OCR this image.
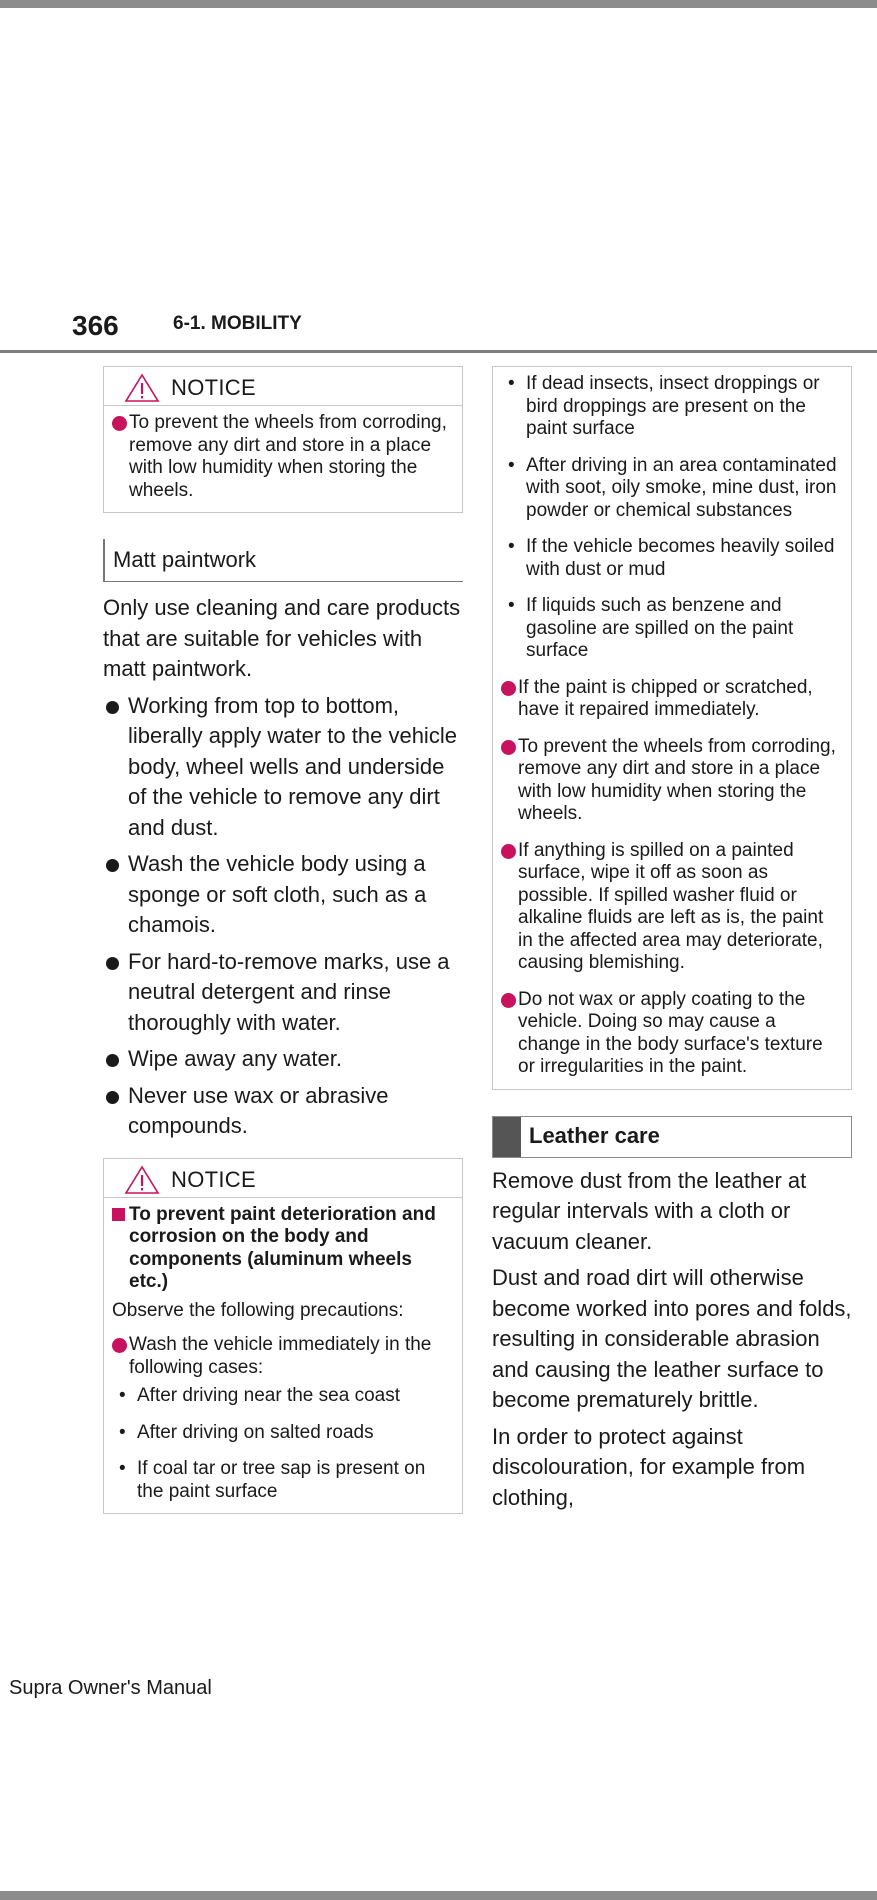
366	6-1. MOBILITY
NOTICE
To prevent the wheels from corroding, remove any dirt and store in a place with low humidity when storing the wheels.
Matt paintwork

Only use cleaning and care products that are suitable for vehicles with matt paintwork.

Working from top to bottom, liberally apply water to the vehicle body, wheel wells and underside of the vehicle to remove any dirt and dust.
Wash the vehicle body using a sponge or soft cloth, such as a chamois.
For hard-to-remove marks, use a neutral detergent and rinse thoroughly with water.
Wipe away any water.
Never use wax or abrasive compounds.
NOTICE
To prevent paint deterioration and corrosion on the body and components (aluminum wheels etc.)
Observe the following precautions:
Wash the vehicle immediately in the following cases:
• After driving near the sea coast
• After driving on salted roads
• If coal tar or tree sap is present on the paint surface
• If dead insects, insect droppings or bird droppings are present on the paint surface
• After driving in an area contaminated with soot, oily smoke, mine dust, iron powder or chemical substances
• If the vehicle becomes heavily soiled with dust or mud
• If liquids such as benzene and gasoline are spilled on the paint surface
If the paint is chipped or scratched, have it repaired immediately.
To prevent the wheels from corroding, remove any dirt and store in a place with low humidity when storing the wheels.
If anything is spilled on a painted surface, wipe it off as soon as possible. If spilled washer fluid or alkaline fluids are left as is, the paint in the affected area may deteriorate, causing blemishing.
Do not wax or apply coating to the vehicle. Doing so may cause a change in the body surface's texture or irregularities in the paint.
Leather care

Remove dust from the leather at regular intervals with a cloth or vacuum cleaner.

Dust and road dirt will otherwise become worked into pores and folds, resulting in considerable abrasion and causing the leather surface to become prematurely brittle.

In order to protect against discolouration, for example from clothing,

Supra Owner's Manual
